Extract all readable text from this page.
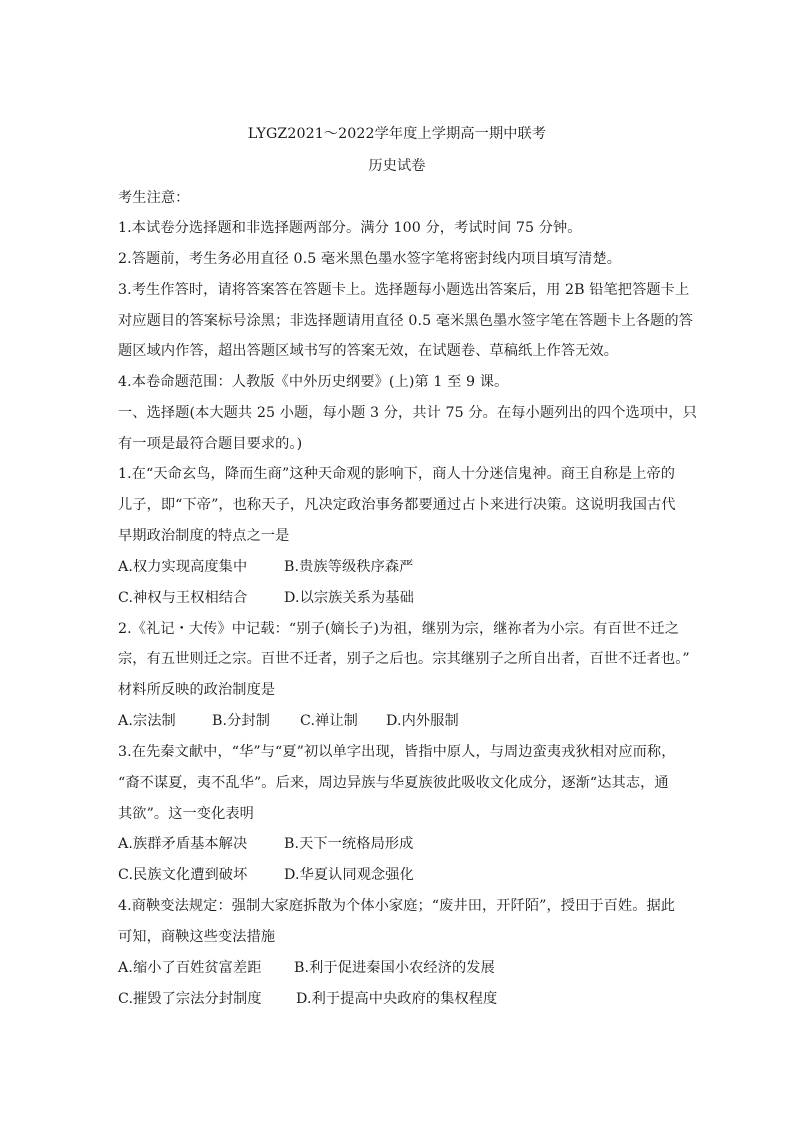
LYGZ2021～2022学年度上学期高一期中联考
历史试卷
考生注意：
1.本试卷分选择题和非选择题两部分。满分 100 分，考试时间 75 分钟。
2.答题前，考生务必用直径 0.5 毫米黑色墨水签字笔将密封线内项目填写清楚。
3.考生作答时，请将答案答在答题卡上。选择题每小题选出答案后，用 2B 铅笔把答题卡上
对应题目的答案标号涂黑；非选择题请用直径 0.5 毫米黑色墨水签字笔在答题卡上各题的答
题区域内作答，超出答题区域书写的答案无效，在试题卷、草稿纸上作答无效。
4.本卷命题范围：人教版《中外历史纲要》(上)第 1 至 9 课。
一、选择题(本大题共 25 小题，每小题 3 分，共计 75 分。在每小题列出的四个选项中，只
有一项是最符合题目要求的。)
1.在“天命玄鸟，降而生商”这种天命观的影响下，商人十分迷信鬼神。商王自称是上帝的
儿子，即“下帝”，也称天子，凡决定政治事务都要通过占卜来进行决策。这说明我国古代
早期政治制度的特点之一是
A.权力实现高度集中	B.贵族等级秩序森严
C.神权与王权相结合	D.以宗族关系为基础
2.《礼记・大传》中记载：“别子(嫡长子)为祖，继别为宗，继祢者为小宗。有百世不迁之
宗，有五世则迁之宗。百世不迁者，别子之后也。宗其继别子之所自出者，百世不迁者也。”
材料所反映的政治制度是
A.宗法制	B.分封制 C.禅让制 D.内外服制
3.在先秦文献中，“华”与“夏”初以单字出现，皆指中原人，与周边蛮夷戎狄相对应而称，
“裔不谋夏，夷不乱华”。后来，周边异族与华夏族彼此吸收文化成分，逐渐“达其志，通
其欲”。这一变化表明
A.族群矛盾基本解决	B.天下一统格局形成
C.民族文化遭到破坏	D.华夏认同观念强化
4.商鞅变法规定：强制大家庭拆散为个体小家庭；“废井田，开阡陌”，授田于百姓。据此
可知，商鞅这些变法措施
A.缩小了百姓贫富差距 B.利于促进秦国小农经济的发展
C.摧毁了宗法分封制度 D.利于提高中央政府的集权程度
